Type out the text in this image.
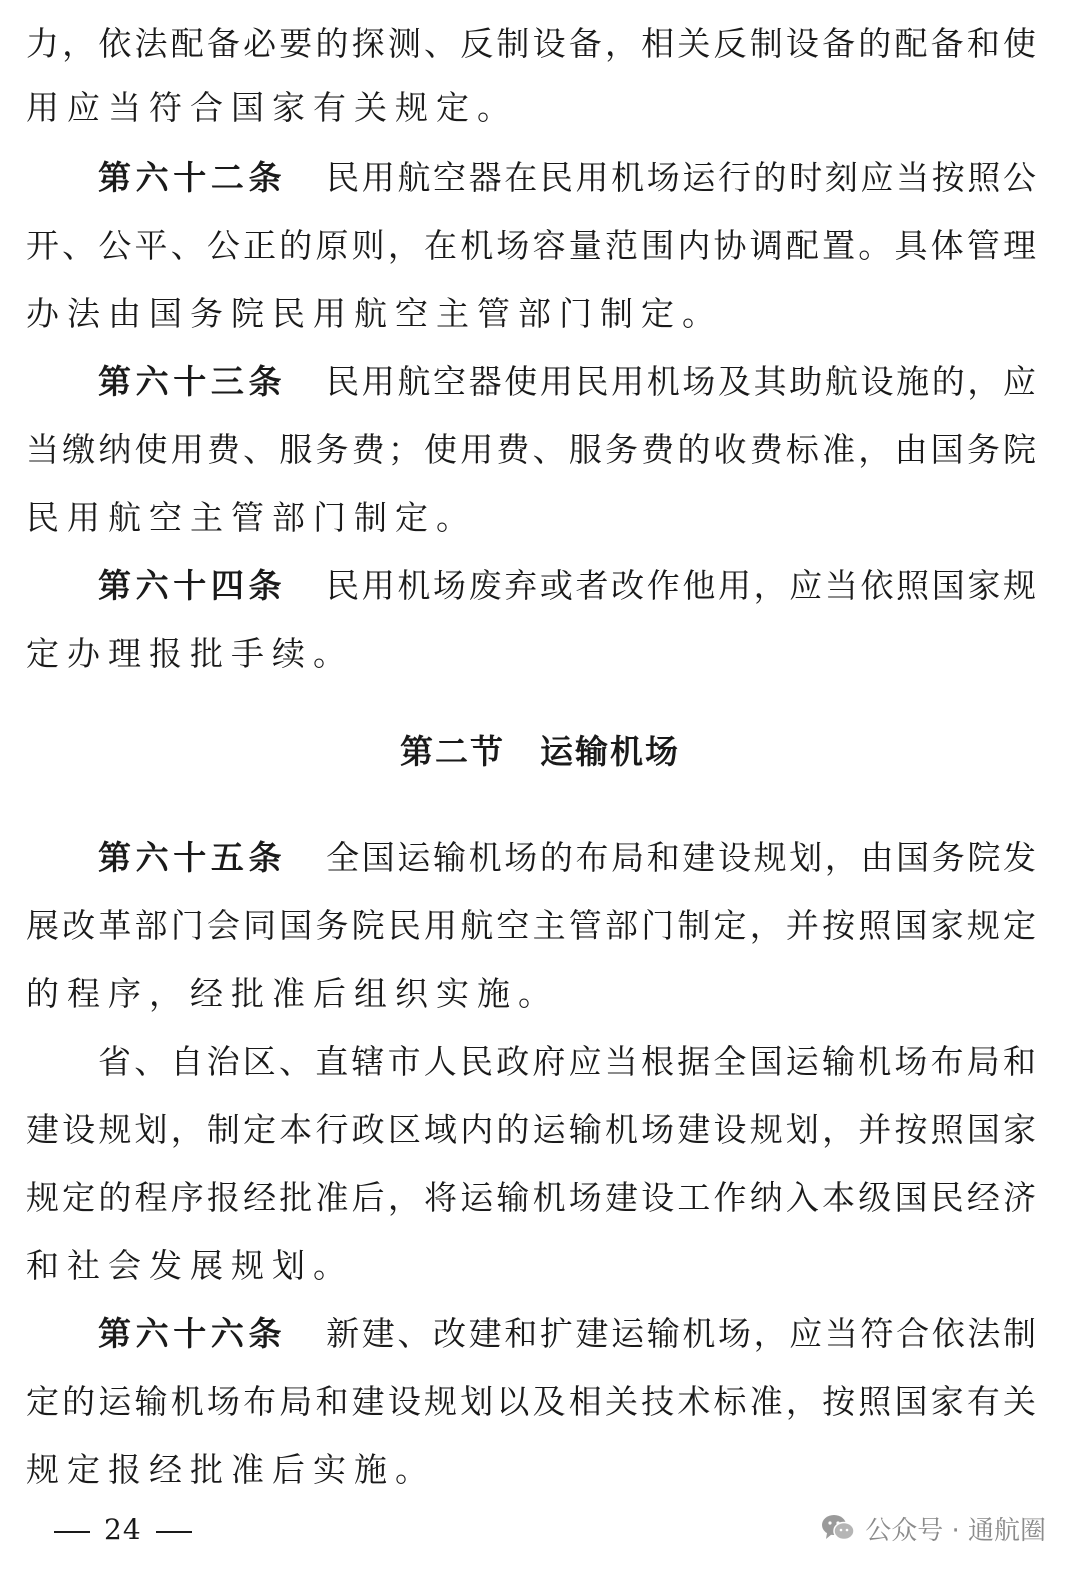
力，依法配备必要的探测、反制设备，相关反制设备的配备和使
用应当符合国家有关规定。
第六十二条 民用航空器在民用机场运行的时刻应当按照公
开、公平、公正的原则，在机场容量范围内协调配置。具体管理
办法由国务院民用航空主管部门制定。
第六十三条 民用航空器使用民用机场及其助航设施的，应
当缴纳使用费、服务费；使用费、服务费的收费标准，由国务院
民用航空主管部门制定。
第六十四条 民用机场废弃或者改作他用，应当依照国家规
定办理报批手续。
第二节　运输机场
第六十五条 全国运输机场的布局和建设规划，由国务院发
展改革部门会同国务院民用航空主管部门制定，并按照国家规定
的程序，经批准后组织实施。
省、自治区、直辖市人民政府应当根据全国运输机场布局和
建设规划，制定本行政区域内的运输机场建设规划，并按照国家
规定的程序报经批准后，将运输机场建设工作纳入本级国民经济
和社会发展规划。
第六十六条 新建、改建和扩建运输机场，应当符合依法制
定的运输机场布局和建设规划以及相关技术标准，按照国家有关
规定报经批准后实施。
24	公众号 · 通航圈
